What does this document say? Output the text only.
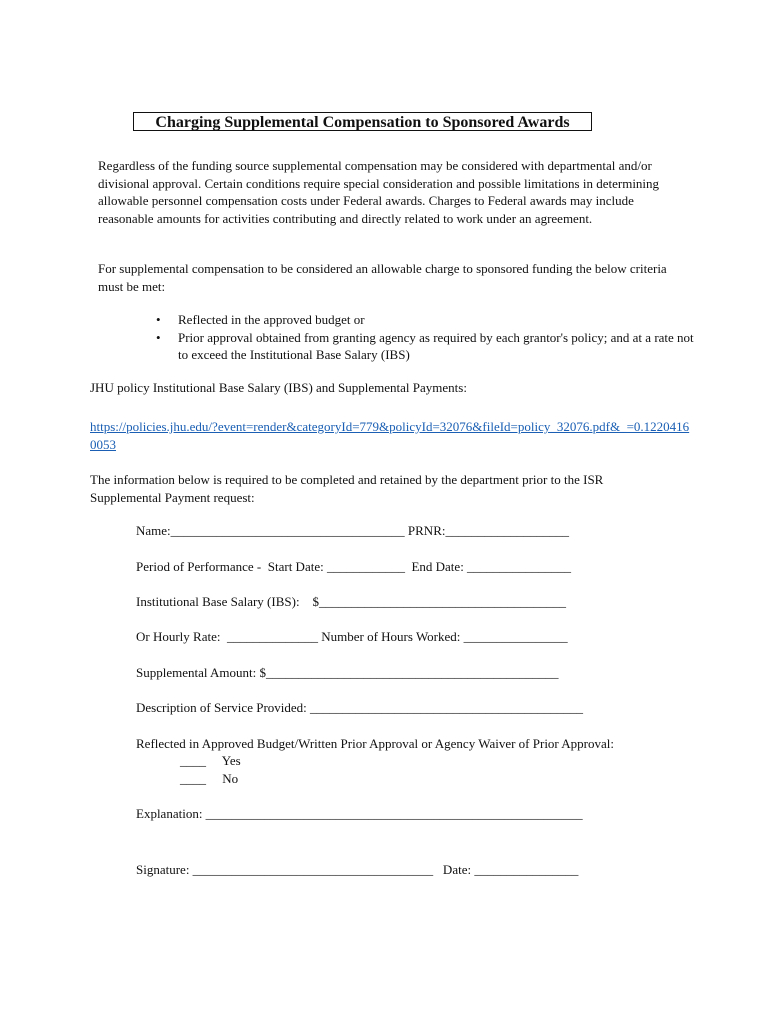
Charging Supplemental Compensation to Sponsored Awards
Regardless of the funding source supplemental compensation may be considered with departmental and/or divisional approval. Certain conditions require special consideration and possible limitations in determining allowable personnel compensation costs under Federal awards. Charges to Federal awards may include reasonable amounts for activities contributing and directly related to work under an agreement.
For supplemental compensation to be considered an allowable charge to sponsored funding the below criteria must be met:
• Reflected in the approved budget or
• Prior approval obtained from granting agency as required by each grantor's policy; and at a rate not to exceed the Institutional Base Salary (IBS)
JHU policy Institutional Base Salary (IBS) and Supplemental Payments:
https://policies.jhu.edu/?event=render&categoryId=779&policyId=32076&fileId=policy_32076.pdf&_=0.12204160053
The information below is required to be completed and retained by the department prior to the ISR Supplemental Payment request:
Name:____________________________________ PRNR:___________________
Period of Performance -  Start Date: ____________  End Date: ________________
Institutional Base Salary (IBS):    $______________________________________
Or Hourly Rate:  ______________ Number of Hours Worked: ________________
Supplemental Amount: $_____________________________________________
Description of Service Provided: __________________________________________
Reflected in Approved Budget/Written Prior Approval or Agency Waiver of Prior Approval:
____     Yes
____     No
Explanation: __________________________________________________________
Signature: _____________________________________   Date: ________________
